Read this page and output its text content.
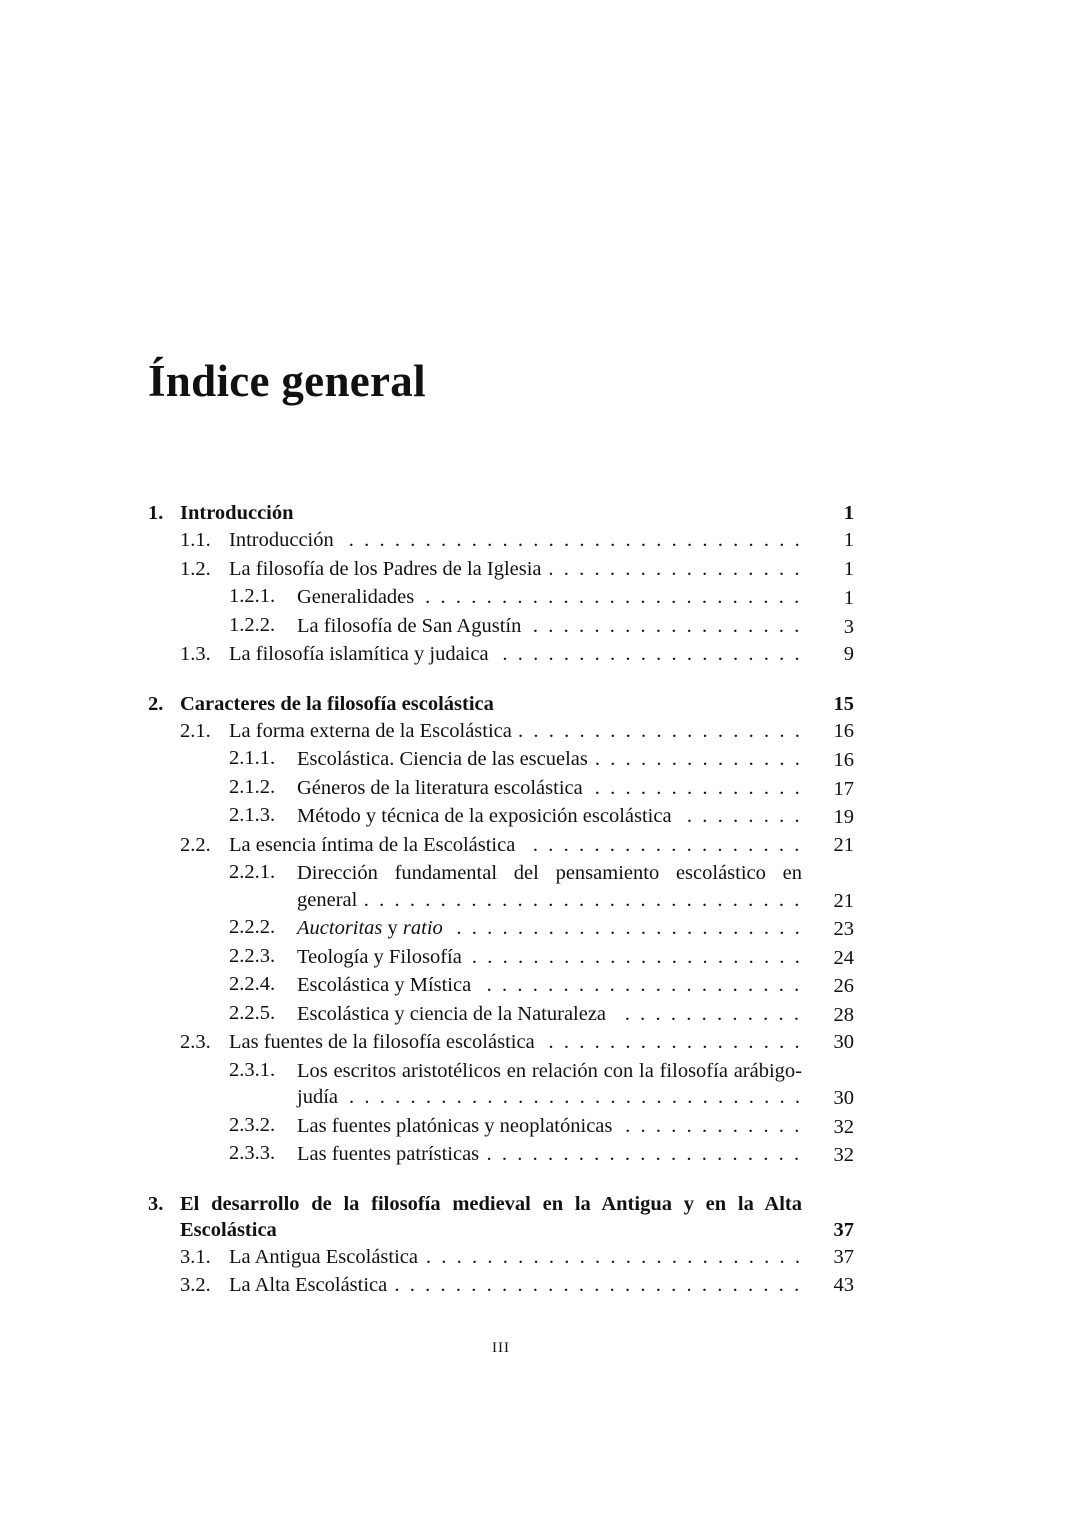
Índice general
1. Introducción	1
1.1. Introducción .  .  .  .  .  .  .  .  .  .  .  .  .  .  .  .  .  .  .  .  .  .  .  .  .  .  .  .  .  .	1
1.2. La filosofía de los Padres de la Iglesia .  .  .  .  .  .  .  .  .  .  .  .  .  .  .  .  .	1
1.2.1. Generalidades .  .  .  .  .  .  .  .  .  .  .  .  .  .  .  .  .  .  .  .  .  .  .  .  .	1
1.2.2. La filosofía de San Agustín .  .  .  .  .  .  .  .  .  .  .  .  .  .  .  .  .  .	3
1.3. La filosofía islamítica y judaica .  .  .  .  .  .  .  .  .  .  .  .  .  .  .  .  .  .  .  .	9
2. Caracteres de la filosofía escolástica	15
2.1. La forma externa de la Escolástica .  .  .  .  .  .  .  .  .  .  .  .  .  .  .  .  .  .  .	16
2.1.1. Escolástica. Ciencia de las escuelas .  .  .  .  .  .  .  .  .  .  .  .  .  .	16
2.1.2. Géneros de la literatura escolástica .  .  .  .  .  .  .  .  .  .  .  .  .  .	17
2.1.3. Método y técnica de la exposición escolástica .  .  .  .  .  .  .  .	19
2.2. La esencia íntima de la Escolástica .  .  .  .  .  .  .  .  .  .  .  .  .  .  .  .  .  .	21
2.2.1. Dirección fundamental del pensamiento escolástico en general .  .  .  .  .  .  .  .  .  .  .  .  .  .  .  .  .  .  .  .  .  .  .  .  .  .  .  .  .	21
2.2.2. Auctoritas y ratio .  .  .  .  .  .  .  .  .  .  .  .  .  .  .  .  .  .  .  .  .  .  .	23
2.2.3. Teología y Filosofía .  .  .  .  .  .  .  .  .  .  .  .  .  .  .  .  .  .  .  .  .  .	24
2.2.4. Escolástica y Mística .  .  .  .  .  .  .  .  .  .  .  .  .  .  .  .  .  .  .  .  .	26
2.2.5. Escolástica y ciencia de la Naturaleza .  .  .  .  .  .  .  .  .  .  .  .	28
2.3. Las fuentes de la filosofía escolástica .  .  .  .  .  .  .  .  .  .  .  .  .  .  .  .  .	30
2.3.1. Los escritos aristotélicos en relación con la filosofía arábigo-judía .  .  .  .  .  .  .  .  .  .  .  .  .  .  .  .  .  .  .  .  .  .  .  .  .  .  .  .  .  .	30
2.3.2. Las fuentes platónicas y neoplatónicas .  .  .  .  .  .  .  .  .  .  .  .	32
2.3.3. Las fuentes patrísticas .  .  .  .  .  .  .  .  .  .  .  .  .  .  .  .  .  .  .  .  .	32
3. El desarrollo de la filosofía medieval en la Antigua y en la Alta Escolástica	37
3.1. La Antigua Escolástica .  .  .  .  .  .  .  .  .  .  .  .  .  .  .  .  .  .  .  .  .  .  .  .  .	37
3.2. La Alta Escolástica .  .  .  .  .  .  .  .  .  .  .  .  .  .  .  .  .  .  .  .  .  .  .  .  .  .  .	43
III
